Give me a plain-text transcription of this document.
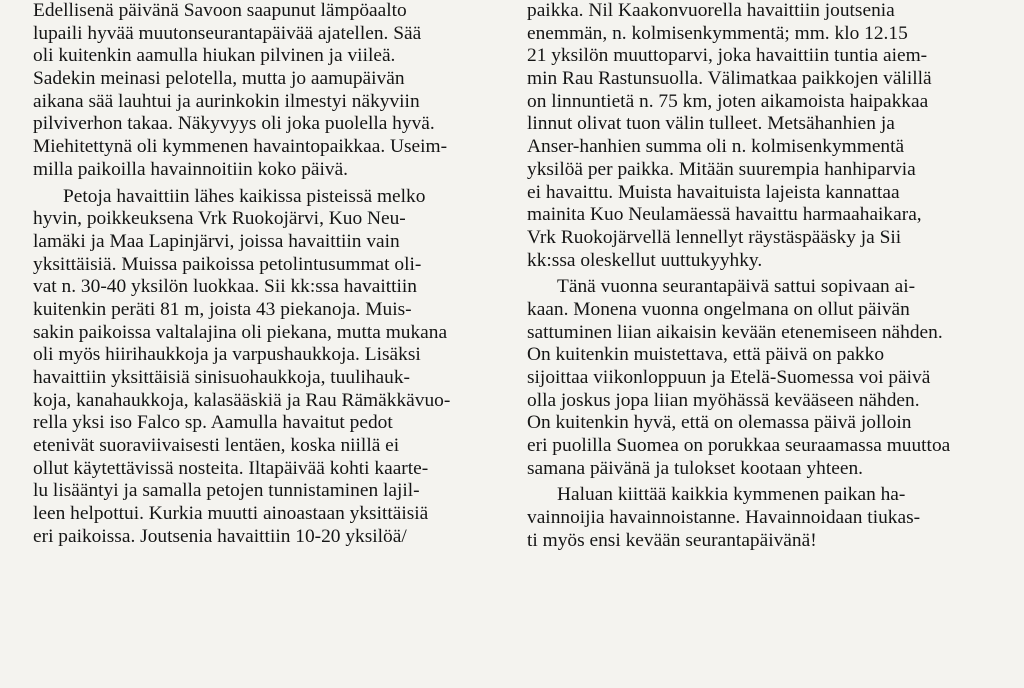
Edellisenä päivänä Savoon saapunut lämpöaalto
lupaili hyvää muutonseurantapäivää ajatellen. Sää
oli kuitenkin aamulla hiukan pilvinen ja viileä.
Sadekin meinasi pelotella, mutta jo aamupäivän
aikana sää lauhtui ja aurinkokin ilmestyi näkyviin
pilviverhon takaa. Näkyvyys oli joka puolella hyvä.
Miehitettynä oli kymmenen havaintopaikkaa. Useim-
milla paikoilla havainnoitiin koko päivä.
Petoja havaittiin lähes kaikissa pisteissä melko
hyvin, poikkeuksena Vrk Ruokojärvi, Kuo Neu-
lamäki ja Maa Lapinjärvi, joissa havaittiin vain
yksittäisiä. Muissa paikoissa petolintusummat oli-
vat n. 30-40 yksilön luokkaa. Sii kk:ssa havaittiin
kuitenkin peräti 81 m, joista 43 piekanoja. Muis-
sakin paikoissa valtalajina oli piekana, mutta mukana
oli myös hiirihaukkoja ja varpushaukkoja. Lisäksi
havaittiin yksittäisiä sinisuohaukkoja, tuulihauk-
koja, kanahaukkoja, kalasääskiä ja Rau Rämäkkävuo-
rella yksi iso Falco sp. Aamulla havaitut pedot
etenivät suoraviivaisesti lentäen, koska niillä ei
ollut käytettävissä nosteita. Iltapäivää kohti kaarte-
lu lisääntyi ja samalla petojen tunnistaminen lajil-
leen helpottui. Kurkia muutti ainoastaan yksittäisiä
eri paikoissa. Joutsenia havaittiin 10-20 yksilöä/
paikka. Nil Kaakonvuorella havaittiin joutsenia
enemmän, n. kolmisenkymmentä; mm. klo 12.15
21 yksilön muuttoparvi, joka havaittiin tuntia aiem-
min Rau Rastunsuolla. Välimatkaa paikkojen välillä
on linnuntietä n. 75 km, joten aikamoista haipakkaa
linnut olivat tuon välin tulleet. Metsähanhien ja
Anser-hanhien summa oli n. kolmisenkymmentä
yksilöä per paikka. Mitään suurempia hanhiparvia
ei havaittu. Muista havaituista lajeista kannattaa
mainita Kuo Neulamäessä havaittu harmaahaikara,
Vrk Ruokojärvellä lennellyt räystäspääsky ja Sii
kk:ssa oleskellut uuttukyyhky.
Tänä vuonna seurantapäivä sattui sopivaan ai-
kaan. Monena vuonna ongelmana on ollut päivän
sattuminen liian aikaisin kevään etenemiseen nähden.
On kuitenkin muistettava, että päivä on pakko
sijoittaa viikonloppuun ja Etelä-Suomessa voi päivä
olla joskus jopa liian myöhässä kevääseen nähden.
On kuitenkin hyvä, että on olemassa päivä jolloin
eri puolilla Suomea on porukkaa seuraamassa muuttoa
samana päivänä ja tulokset kootaan yhteen.
Haluan kiittää kaikkia kymmenen paikan ha-
vainnoijia havainnoistanne. Havainnoidaan tiukas-
ti myös ensi kevään seurantapäivänä!
